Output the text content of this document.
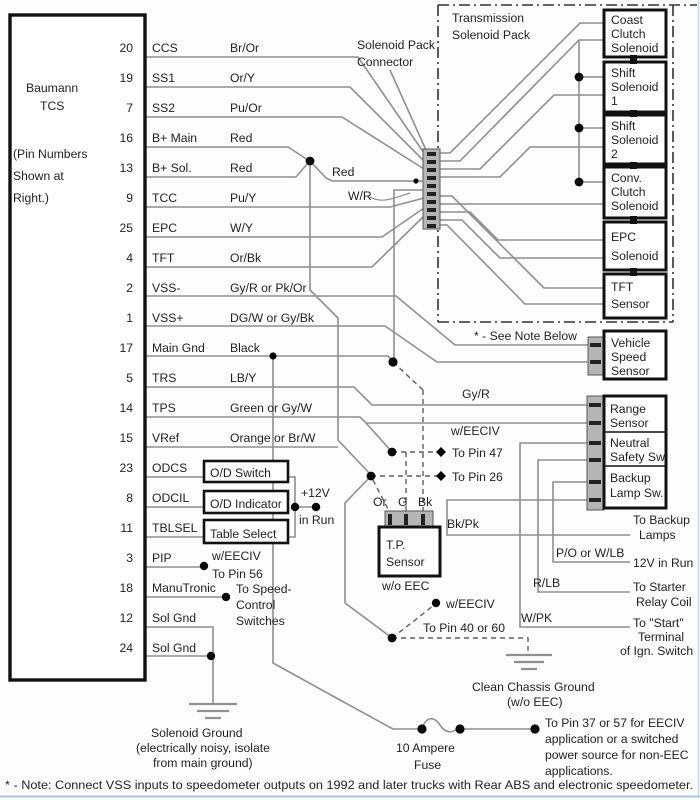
Baumann
TCS
(Pin Numbers
Shown at
Right.)
20 CCS	Br/Or
19 SS1	Or/Y
7 SS2	Pu/Or
16 B+ Main	Red
13 B+ Sol.	Red
9 TCC	Pu/Y
25 EPC	W/Y
4 TFT	Or/Bk
2 VSS-	Gy/R or Pk/Or
1 VSS+	DG/W or Gy/Bk
17 Main Gnd Black
5 TRS	LB/Y
14 TPS	Green or Gy/W
15 VRef	Orange or Br/W
23 ODCS
8 ODCIL
11 TBLSEL
3 PIP
18 ManuTronic
12 Sol Gnd
24 Sol Gnd
Red
W/R
Solenoid Pack
Connector
Transmission
Solenoid Pack
Coast
Clutch
Solenoid
Shift
Solenoid
1
Shift
Solenoid
2
Conv.
Clutch
Solenoid
EPC
Solenoid
TFT
Sensor
* - See Note Below	Vehicle
Speed
Sensor
Gy/R
Range
Sensor
Neutral
Safety Sw
Backup
Lamp Sw.
w/EECIV
To Pin 47
To Pin 26
Or G Bk
T.P.
Sensor
w/o EEC
Bk/Pk	To Backup
Lamps
P/O or W/LB
12V in Run
R/LB	To Starter
Relay Coil
W/PK	To "Start"
Terminal
of Ign. Switch
w/EECIV
To Pin 40 or 60
Clean Chassis Ground
(w/o EEC)
10 Ampere
Fuse
To Pin 37 or 57 for EECIV
application or a switched
power source for non-EEC
applications.
Solenoid Ground
(electrically noisy, isolate
from main ground)
O/D Switch
O/D Indicator
Table Select
+12V
in Run
w/EECIV
To Pin 56
To Speed-
Control
Switches
* - Note: Connect VSS inputs to speedometer outputs on 1992 and later trucks with Rear ABS and electronic speedometer.
